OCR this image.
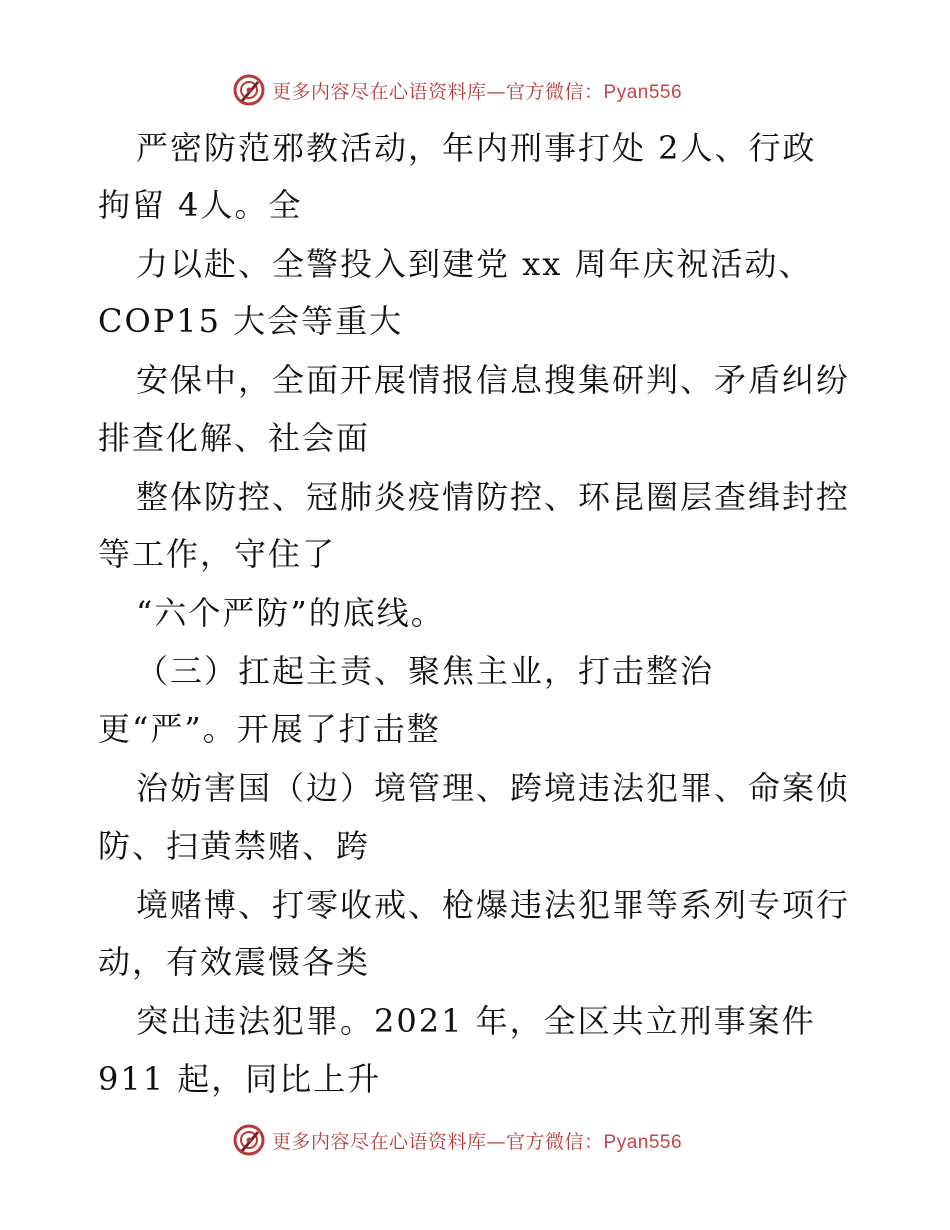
更多内容尽在心语资料库—官方微信：Pyan556
严密防范邪教活动，年内刑事打处 2人、行政
拘留 4人。全
力以赴、全警投入到建党 xx 周年庆祝活动、
COP15 大会等重大
安保中，全面开展情报信息搜集研判、矛盾纠纷
排查化解、社会面
整体防控、冠肺炎疫情防控、环昆圈层查缉封控
等工作，守住了
“六个严防”的底线。
（三）扛起主责、聚焦主业，打击整治
更“严”。开展了打击整
治妨害国（边）境管理、跨境违法犯罪、命案侦
防、扫黄禁赌、跨
境赌博、打零收戒、枪爆违法犯罪等系列专项行
动，有效震慑各类
突出违法犯罪。2021 年，全区共立刑事案件
911 起，同比上升
更多内容尽在心语资料库—官方微信：Pyan556
